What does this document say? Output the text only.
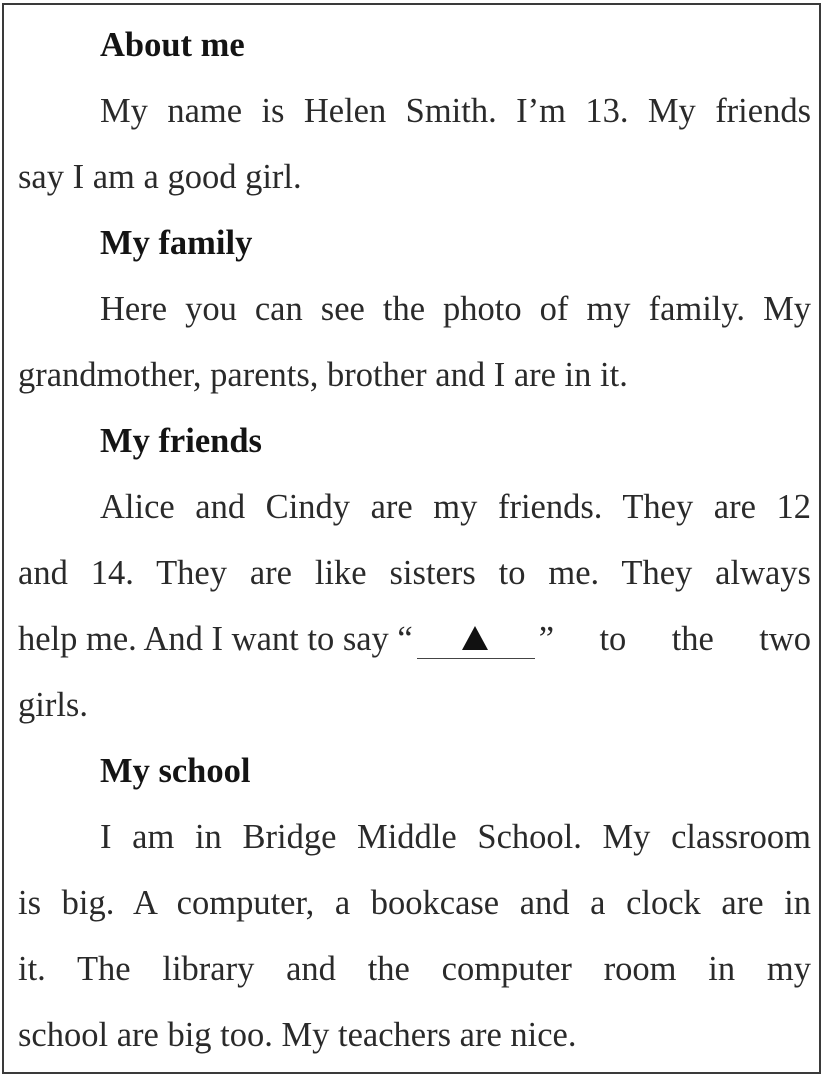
About me

My name is Helen Smith. I’m 13. My friends

say I am a good girl.

My family

Here you can see the photo of my family. My

grandmother, parents, brother and I are in it.

My friends

Alice and Cindy are my friends. They are 12

and 14. They are like sisters to me. They always

help me. And I want to say “	” to the two

girls.

My school

I am in Bridge Middle School. My classroom

is big. A computer, a bookcase and a clock are in

it. The library and the computer room in my

school are big too. My teachers are nice.
